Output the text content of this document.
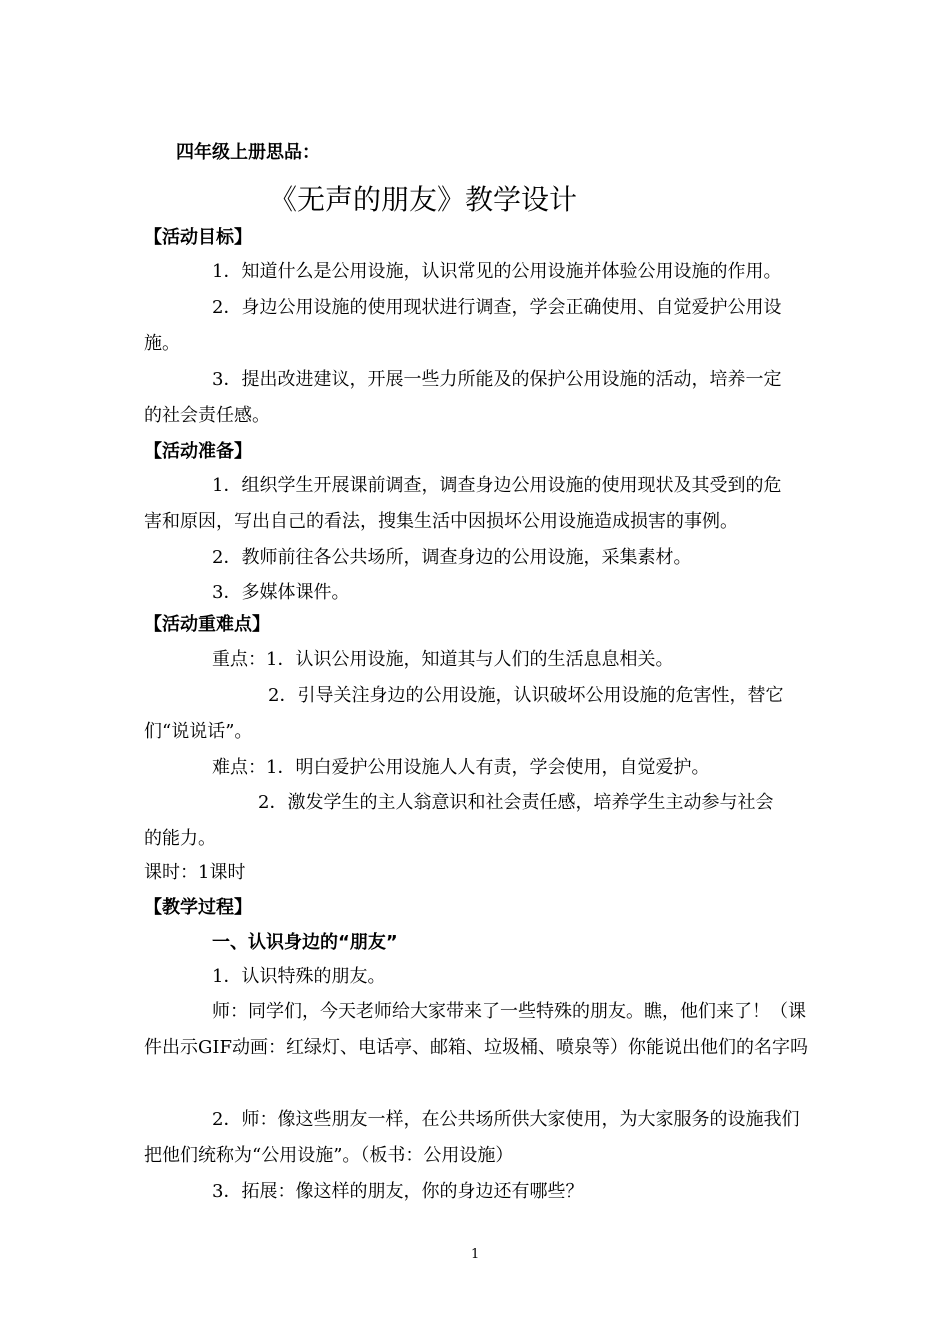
四年级上册思品：
《无声的朋友》教学设计
【活动目标】
1．知道什么是公用设施，认识常见的公用设施并体验公用设施的作用。
2．身边公用设施的使用现状进行调查，学会正确使用、自觉爱护公用设
施。
3．提出改进建议，开展一些力所能及的保护公用设施的活动，培养一定
的社会责任感。
【活动准备】
1．组织学生开展课前调查，调查身边公用设施的使用现状及其受到的危
害和原因，写出自己的看法，搜集生活中因损坏公用设施造成损害的事例。
2．教师前往各公共场所，调查身边的公用设施，采集素材。
3．多媒体课件。
【活动重难点】
重点：1．认识公用设施，知道其与人们的生活息息相关。
2．引导关注身边的公用设施，认识破坏公用设施的危害性，替它
们“说说话”。
难点：1．明白爱护公用设施人人有责，学会使用，自觉爱护。
2．激发学生的主人翁意识和社会责任感，培养学生主动参与社会
的能力。
课时：1课时
【教学过程】
一、认识身边的“朋友”
1．认识特殊的朋友。
师：同学们，今天老师给大家带来了一些特殊的朋友。瞧，他们来了！（课
件出示GIF动画：红绿灯、电话亭、邮箱、垃圾桶、喷泉等）你能说出他们的名字吗
2．师：像这些朋友一样，在公共场所供大家使用，为大家服务的设施我们
把他们统称为“公用设施”。（板书：公用设施）
3．拓展：像这样的朋友，你的身边还有哪些？
1
